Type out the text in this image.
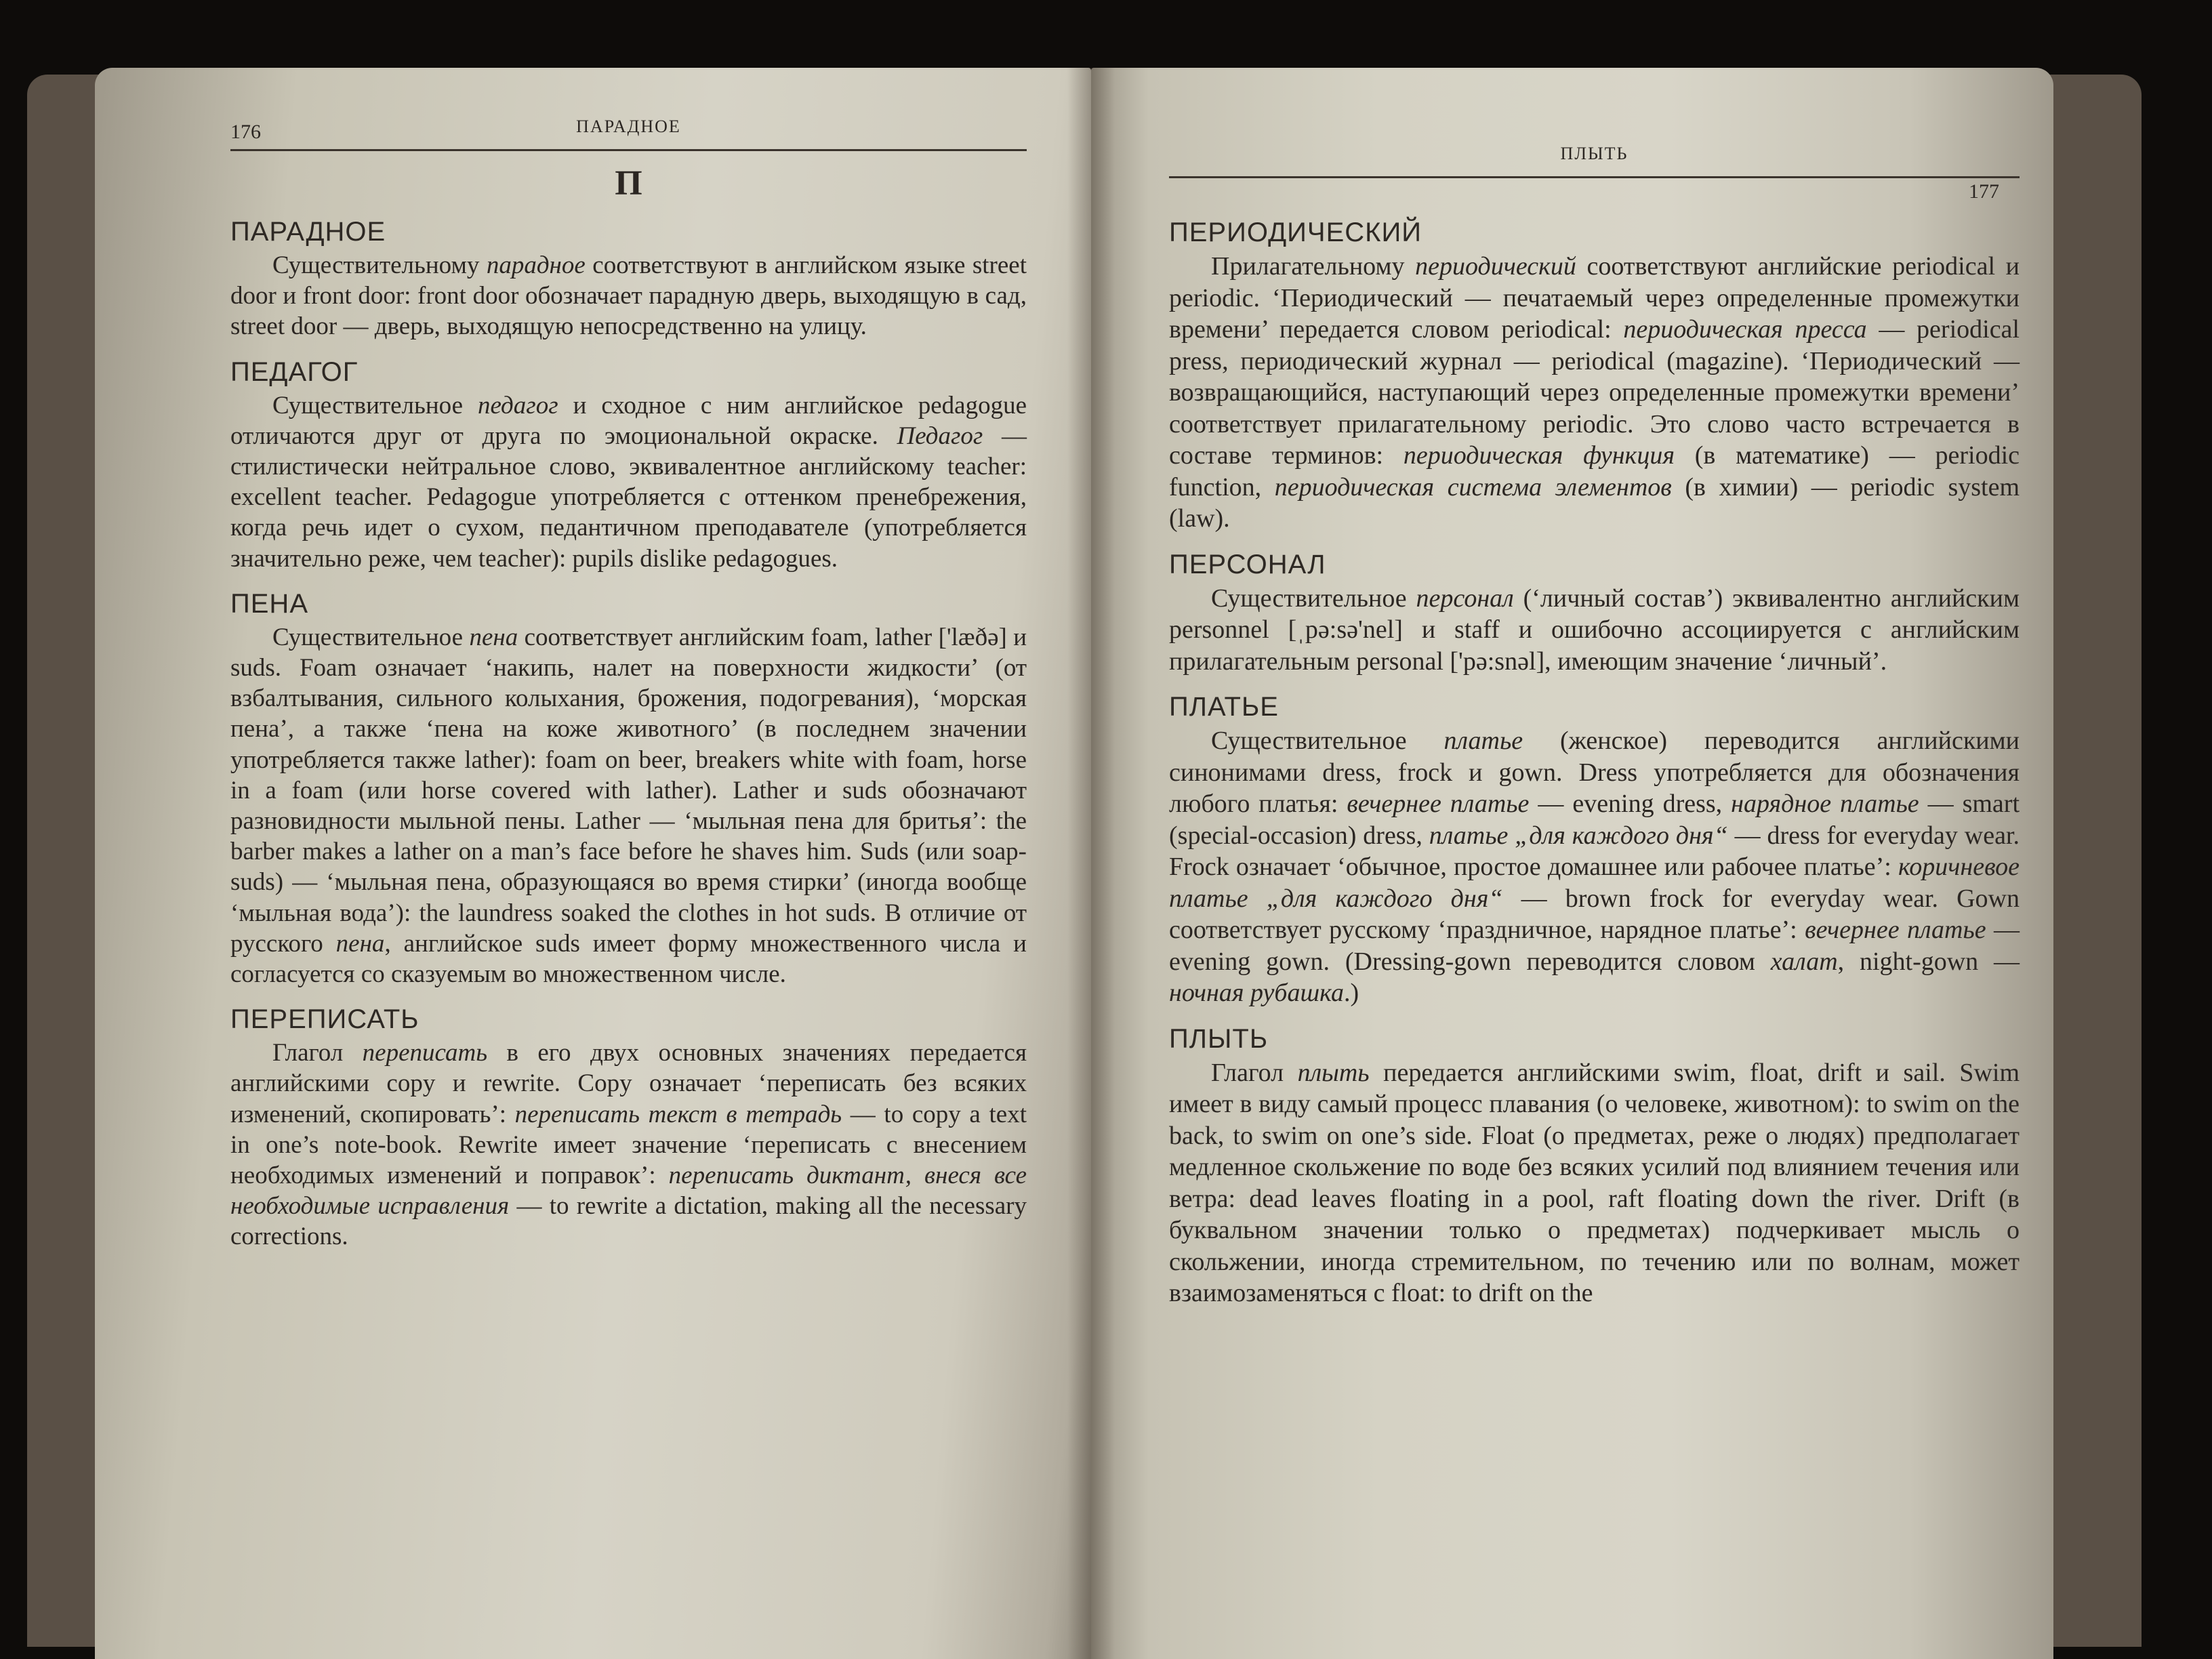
176	ПАРАДНОЕ
П
ПАРАДНОЕ

Существительному парадное соответствуют в английском языке street door и front door: front door обозначает парадную дверь, выходящую в сад, street door — дверь, выходящую непосредственно на улицу.

ПЕДАГОГ

Существительное педагог и сходное с ним английское pedagogue отличаются друг от друга по эмоциональной окраске. Педагог — стилистически нейтральное слово, эквивалентное английскому teacher: excellent teacher. Pedagogue употребляется с оттенком пренебрежения, когда речь идет о сухом, педантичном преподавателе (употребляется значительно реже, чем teacher): pupils dislike pedagogues.

ПЕНА

Существительное пена соответствует английским foam, lather ['læðə] и suds. Foam означает ‘накипь, налет на поверхности жидкости’ (от взбалтывания, сильного колыхания, брожения, подогревания), ‘морская пена’, а также ‘пена на коже животного’ (в последнем значении употребляется также lather): foam on beer, breakers white with foam, horse in a foam (или horse covered with lather). Lather и suds обозначают разновидности мыльной пены. Lather — ‘мыльная пена для бритья’: the barber makes a lather on a man’s face before he shaves him. Suds (или soap-suds) — ‘мыльная пена, образующаяся во время стирки’ (иногда вообще ‘мыльная вода’): the laundress soaked the clothes in hot suds. В отличие от русского пена, английское suds имеет форму множественного числа и согласуется со сказуемым во множественном числе.

ПЕРЕПИСАТЬ

Глагол переписать в его двух основных значениях передается английскими copy и rewrite. Copy означает ‘переписать без всяких изменений, скопировать’: переписать текст в тетрадь — to copy a text in one’s note-book. Rewrite имеет значение ‘переписать с внесением необходимых изменений и поправок’: переписать диктант, внеся все необходимые исправления — to rewrite a dictation, making all the necessary corrections.

ПЛЫТЬ
177
ПЕРИОДИЧЕСКИЙ

Прилагательному периодический соответствуют английские periodical и periodic. ‘Периодический — печатаемый через определенные промежутки времени’ передается словом periodical: периодическая пресса — periodical press, периодический журнал — periodical (magazine). ‘Периодический — возвращающийся, наступающий через определенные промежутки времени’ соответствует прилагательному periodic. Это слово часто встречается в составе терминов: периодическая функция (в математике) — periodic function, периодическая система элементов (в химии) — periodic system (law).

ПЕРСОНАЛ

Существительное персонал (‘личный состав’) эквивалентно английским personnel [ˌpə:sə'nel] и staff и ошибочно ассоциируется с английским прилагательным personal ['pə:snəl], имеющим значение ‘личный’.

ПЛАТЬЕ

Существительное платье (женское) переводится английскими синонимами dress, frock и gown. Dress употребляется для обозначения любого платья: вечернее платье — evening dress, нарядное платье — smart (special-occasion) dress, платье „для каждого дня“ — dress for everyday wear. Frock означает ‘обычное, простое домашнее или рабочее платье’: коричневое платье „для каждого дня“ — brown frock for everyday wear. Gown соответствует русскому ‘праздничное, нарядное платье’: вечернее платье — evening gown. (Dressing-gown переводится словом халат, night-gown — ночная рубашка.)

ПЛЫТЬ

Глагол плыть передается английскими swim, float, drift и sail. Swim имеет в виду самый процесс плавания (о человеке, животном): to swim on the back, to swim on one’s side. Float (о предметах, реже о людях) предполагает медленное скольжение по воде без всяких усилий под влиянием течения или ветра: dead leaves floating in a pool, raft floating down the river. Drift (в буквальном значении только о предметах) подчеркивает мысль о скольжении, иногда стремительном, по течению или по волнам, может взаимозаменяться с float: to drift on the
